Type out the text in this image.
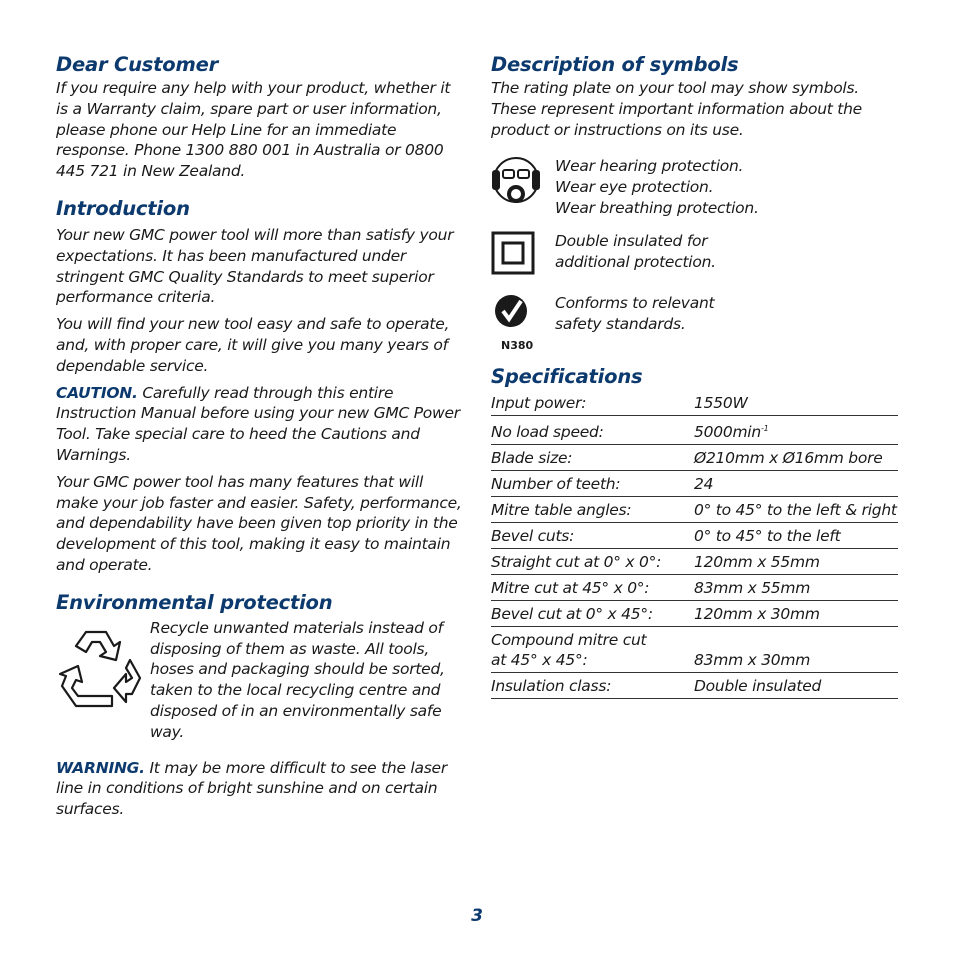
Dear Customer

If you require any help with your product, whether it is a Warranty claim, spare part or user information, please phone our Help Line for an immediate response. Phone 1300 880 001 in Australia or 0800 445 721 in New Zealand.

Introduction

Your new GMC power tool will more than satisfy your expectations. It has been manufactured under stringent GMC Quality Standards to meet superior performance criteria.

You will find your new tool easy and safe to operate, and, with proper care, it will give you many years of dependable service.

CAUTION. Carefully read through this entire Instruction Manual before using your new GMC Power Tool. Take special care to heed the Cautions and Warnings.

Your GMC power tool has many features that will make your job faster and easier. Safety, performance, and dependability have been given top priority in the development of this tool, making it easy to maintain and operate.

Environmental protection

Recycle unwanted materials instead of disposing of them as waste. All tools, hoses and packaging should be sorted, taken to the local recycling centre and disposed of in an environmentally safe way.

WARNING. It may be more difficult to see the laser line in conditions of bright sunshine and on certain surfaces.

Description of symbols

The rating plate on your tool may show symbols. These represent important information about the product or instructions on its use.

Wear hearing protection.

Wear eye protection.

Wear breathing protection.

Double insulated for

additional protection.

N380

Conforms to relevant

safety standards.

Specifications
Input power:	1550W
No load speed:	$5000\min^{-1}$
Blade size:	Ø210mm x Ø16mm bore
Number of teeth:	24
Mitre table angles:	0° to 45° to the left & right
Bevel cuts:	0° to 45° to the left
Straight cut at 0° x 0°:	120mm x 55mm
Mitre cut at 45° x 0°:	83mm x 55mm
Bevel cut at 0° x 45°:	120mm x 30mm

Compound mitre cut
at 45° x 45°:	83mm x 30mm
Insulation class:	Double insulated
3
